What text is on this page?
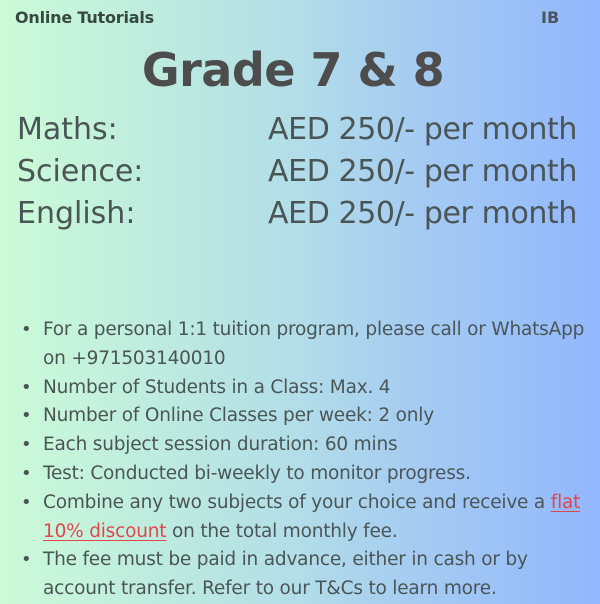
Online Tutorials	IB
Grade 7 & 8
Maths:	AED 250/- per month
Science:	AED 250/- per month
English:	AED 250/- per month
• For a personal 1:1 tuition program, please call or WhatsApp on +971503140010
• Number of Students in a Class: Max. 4
• Number of Online Classes per week: 2 only
• Each subject session duration: 60 mins
• Test: Conducted bi-weekly to monitor progress.
• Combine any two subjects of your choice and receive a flat 10% discount on the total monthly fee.
• The fee must be paid in advance, either in cash or by account transfer. Refer to our T&Cs to learn more.
